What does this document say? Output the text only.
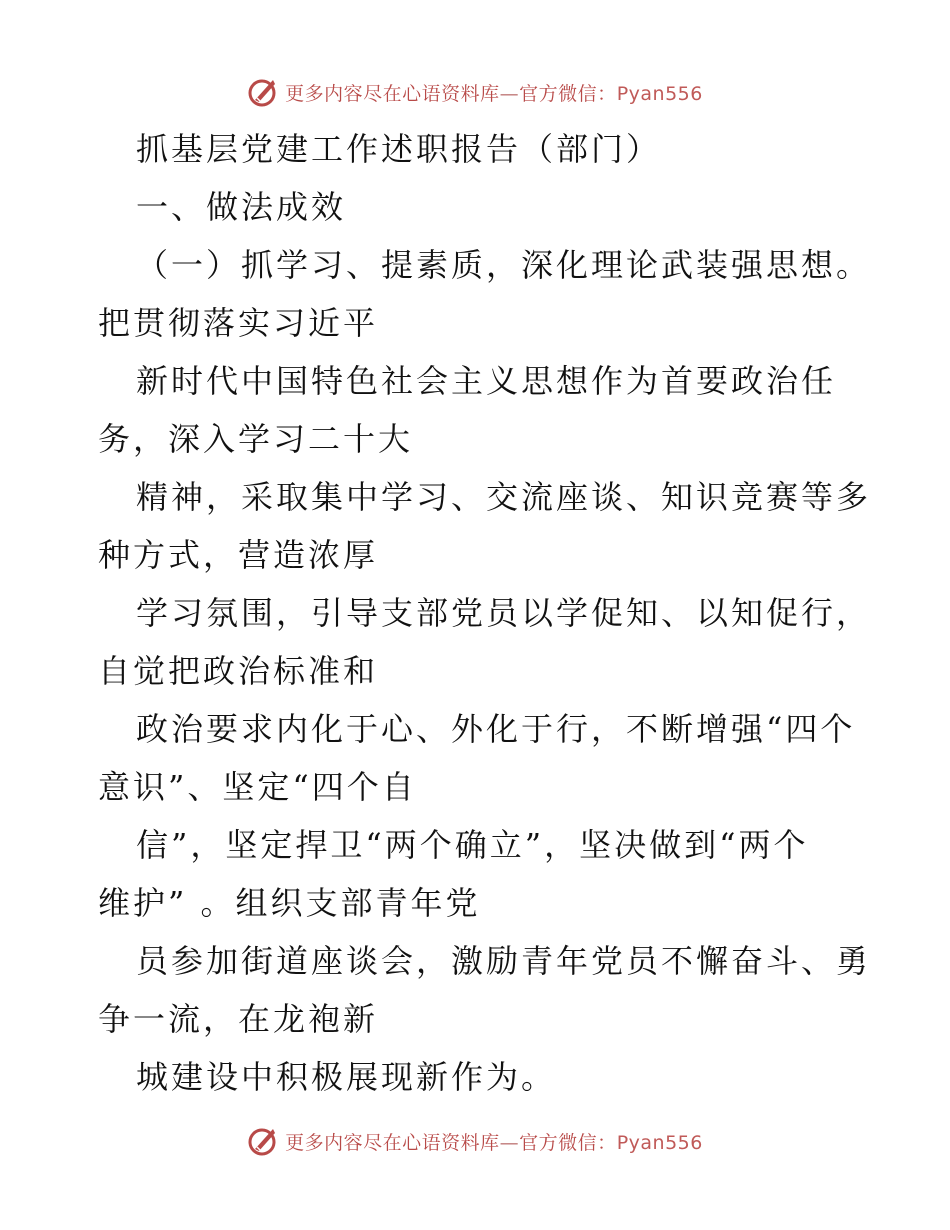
更多内容尽在心语资料库—官方微信：Pyan556
抓基层党建工作述职报告（部门）
一、做法成效
（一）抓学习、提素质，深化理论武装强思想。
把贯彻落实习近平
新时代中国特色社会主义思想作为首要政治任
务，深入学习二十大
精神，采取集中学习、交流座谈、知识竞赛等多
种方式，营造浓厚
学习氛围，引导支部党员以学促知、以知促行，
自觉把政治标准和
政治要求内化于心、外化于行，不断增强“四个
意识”、坚定“四个自
信”，坚定捍卫“两个确立”，坚决做到“两个
维护” 。组织支部青年党
员参加街道座谈会，激励青年党员不懈奋斗、勇
争一流，在龙袍新
城建设中积极展现新作为。
更多内容尽在心语资料库—官方微信：Pyan556
